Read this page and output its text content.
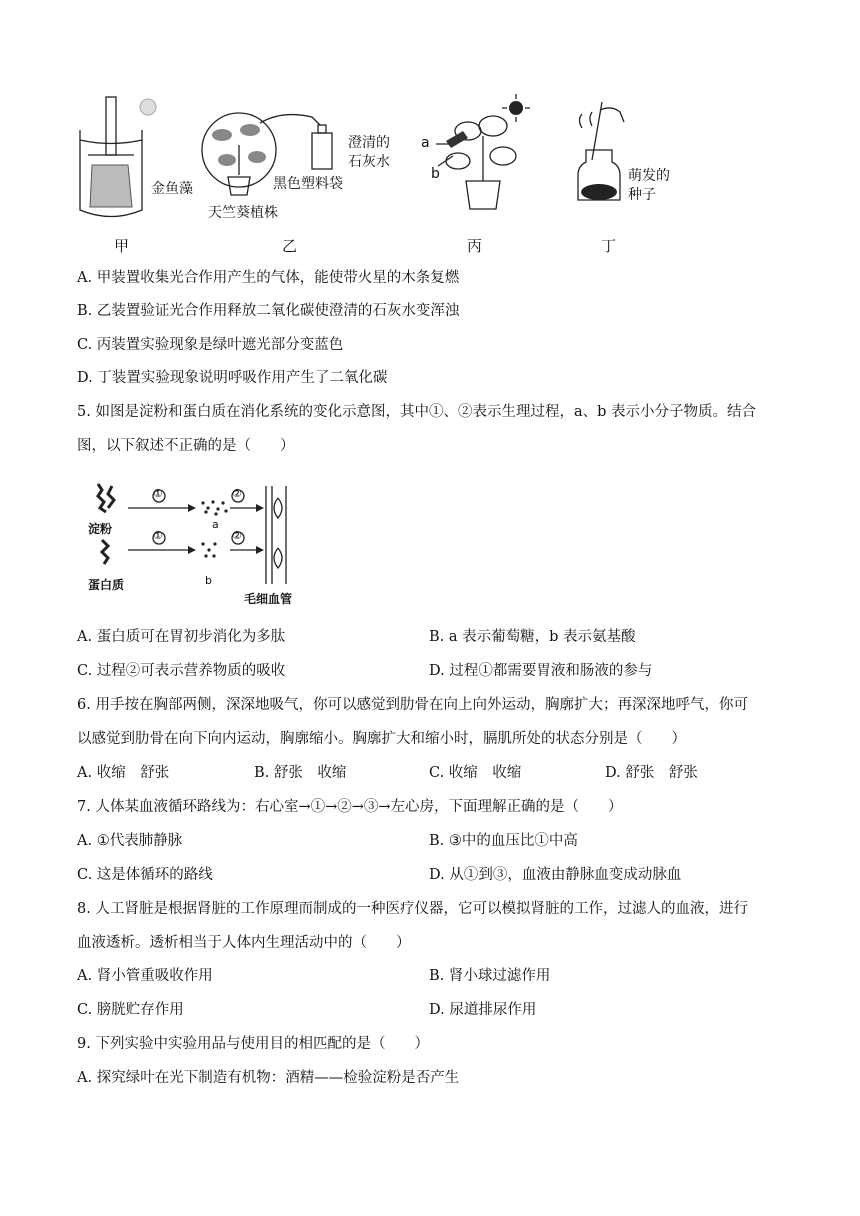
金鱼藻
甲
澄清的
石灰水
黑色塑料袋
天竺葵植株
乙
a
b
丙
萌发的
种子
丁
A. 甲装置收集光合作用产生的气体，能使带火星的木条复燃
B. 乙装置验证光合作用释放二氧化碳使澄清的石灰水变浑浊
C. 丙装置实验现象是绿叶遮光部分变蓝色
D. 丁装置实验现象说明呼吸作用产生了二氧化碳
5. 如图是淀粉和蛋白质在消化系统的变化示意图，其中①、②表示生理过程，a、b 表示小分子物质。结合
图，以下叙述不正确的是（　　）
①	②
①	②
淀粉	a
蛋白质	b
毛细血管
A. 蛋白质可在胃初步消化为多肽	B. a 表示葡萄糖，b 表示氨基酸
C. 过程②可表示营养物质的吸收	D. 过程①都需要胃液和肠液的参与
6. 用手按在胸部两侧，深深地吸气，你可以感觉到肋骨在向上向外运动，胸廓扩大；再深深地呼气，你可
以感觉到肋骨在向下向内运动，胸廓缩小。胸廓扩大和缩小时，膈肌所处的状态分别是（　　）
A. 收缩　舒张	B. 舒张　收缩	C. 收缩　收缩	D. 舒张　舒张
7. 人体某血液循环路线为：右心室→①→②→③→左心房，下面理解正确的是（　　）
A. ①代表肺静脉	B. ③中的血压比①中高
C. 这是体循环的路线	D. 从①到③，血液由静脉血变成动脉血
8. 人工肾脏是根据肾脏的工作原理而制成的一种医疗仪器，它可以模拟肾脏的工作，过滤人的血液，进行
血液透析。透析相当于人体内生理活动中的（　　）
A. 肾小管重吸收作用	B. 肾小球过滤作用
C. 膀胱贮存作用	D. 尿道排尿作用
9. 下列实验中实验用品与使用目的相匹配的是（　　）
A. 探究绿叶在光下制造有机物：酒精——检验淀粉是否产生
